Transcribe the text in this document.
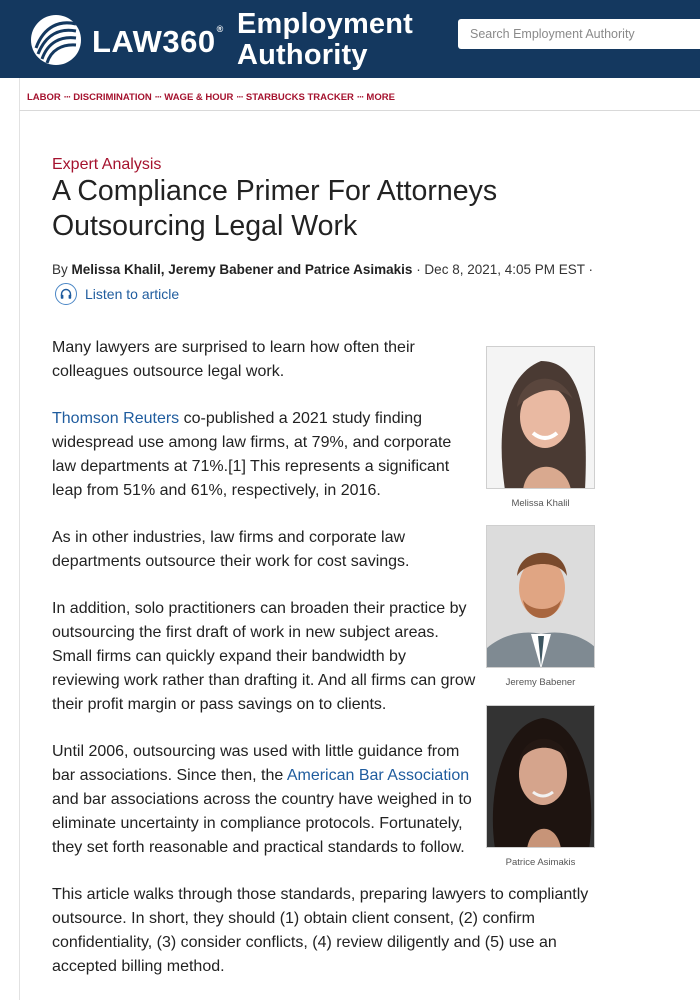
LAW360® Employment
Authority
Search Employment Authority
LABOR ··· DISCRIMINATION ··· WAGE & HOUR ··· STARBUCKS TRACKER ··· MORE
Expert Analysis
A Compliance Primer For Attorneys Outsourcing Legal Work
By Melissa Khalil, Jeremy Babener and Patrice Asimakis · Dec 8, 2021, 4:05 PM EST ·
Listen to article

Many lawyers are surprised to learn how often their colleagues outsource legal work.

Thomson Reuters co-published a 2021 study finding widespread use among law firms, at 79%, and corporate law departments at 71%.[1] This represents a significant leap from 51% and 61%, respectively, in 2016.

As in other industries, law firms and corporate law departments outsource their work for cost savings.

In addition, solo practitioners can broaden their practice by outsourcing the first draft of work in new subject areas. Small firms can quickly expand their bandwidth by reviewing work rather than drafting it. And all firms can grow their profit margin or pass savings on to clients.

Until 2006, outsourcing was used with little guidance from bar associations. Since then, the American Bar Association and bar associations across the country have weighed in to eliminate uncertainty in compliance protocols. Fortunately, they set forth reasonable and practical standards to follow.

This article walks through those standards, preparing lawyers to compliantly outsource. In short, they should (1) obtain client consent, (2) confirm confidentiality, (3) consider conflicts, (4) review diligently and (5) use an accepted billing method.

Melissa Khalil
Jeremy Babener
Patrice Asimakis
